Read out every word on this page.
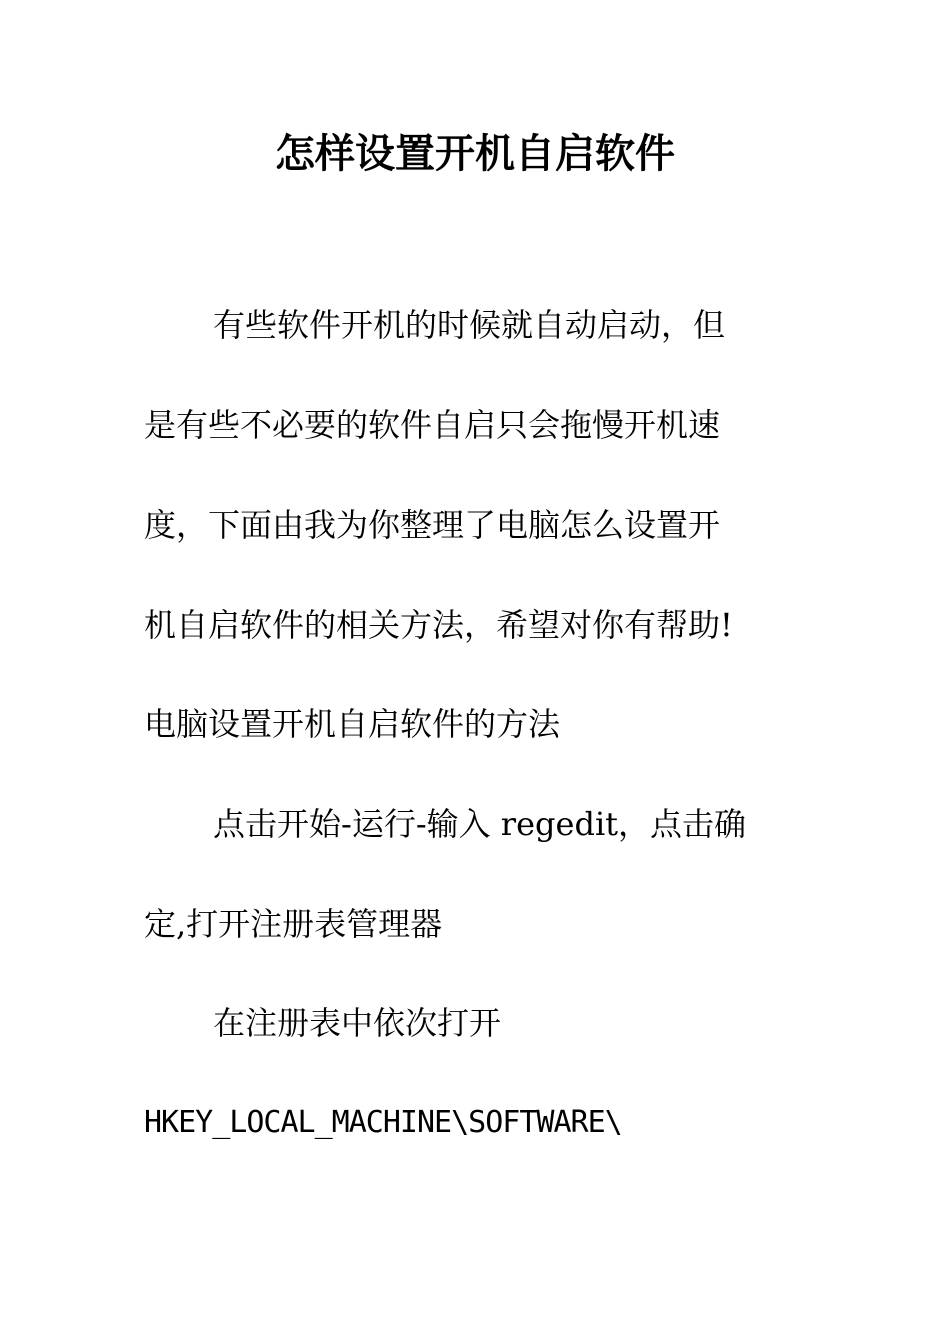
怎样设置开机自启软件
有些软件开机的时候就自动启动，但
是有些不必要的软件自启只会拖慢开机速
度，下面由我为你整理了电脑怎么设置开
机自启软件的相关方法，希望对你有帮助!
电脑设置开机自启软件的方法
点击开始-运行-输入 regedit，点击确
定,打开注册表管理器
在注册表中依次打开
HKEY_LOCAL_MACHINE\SOFTWARE\
